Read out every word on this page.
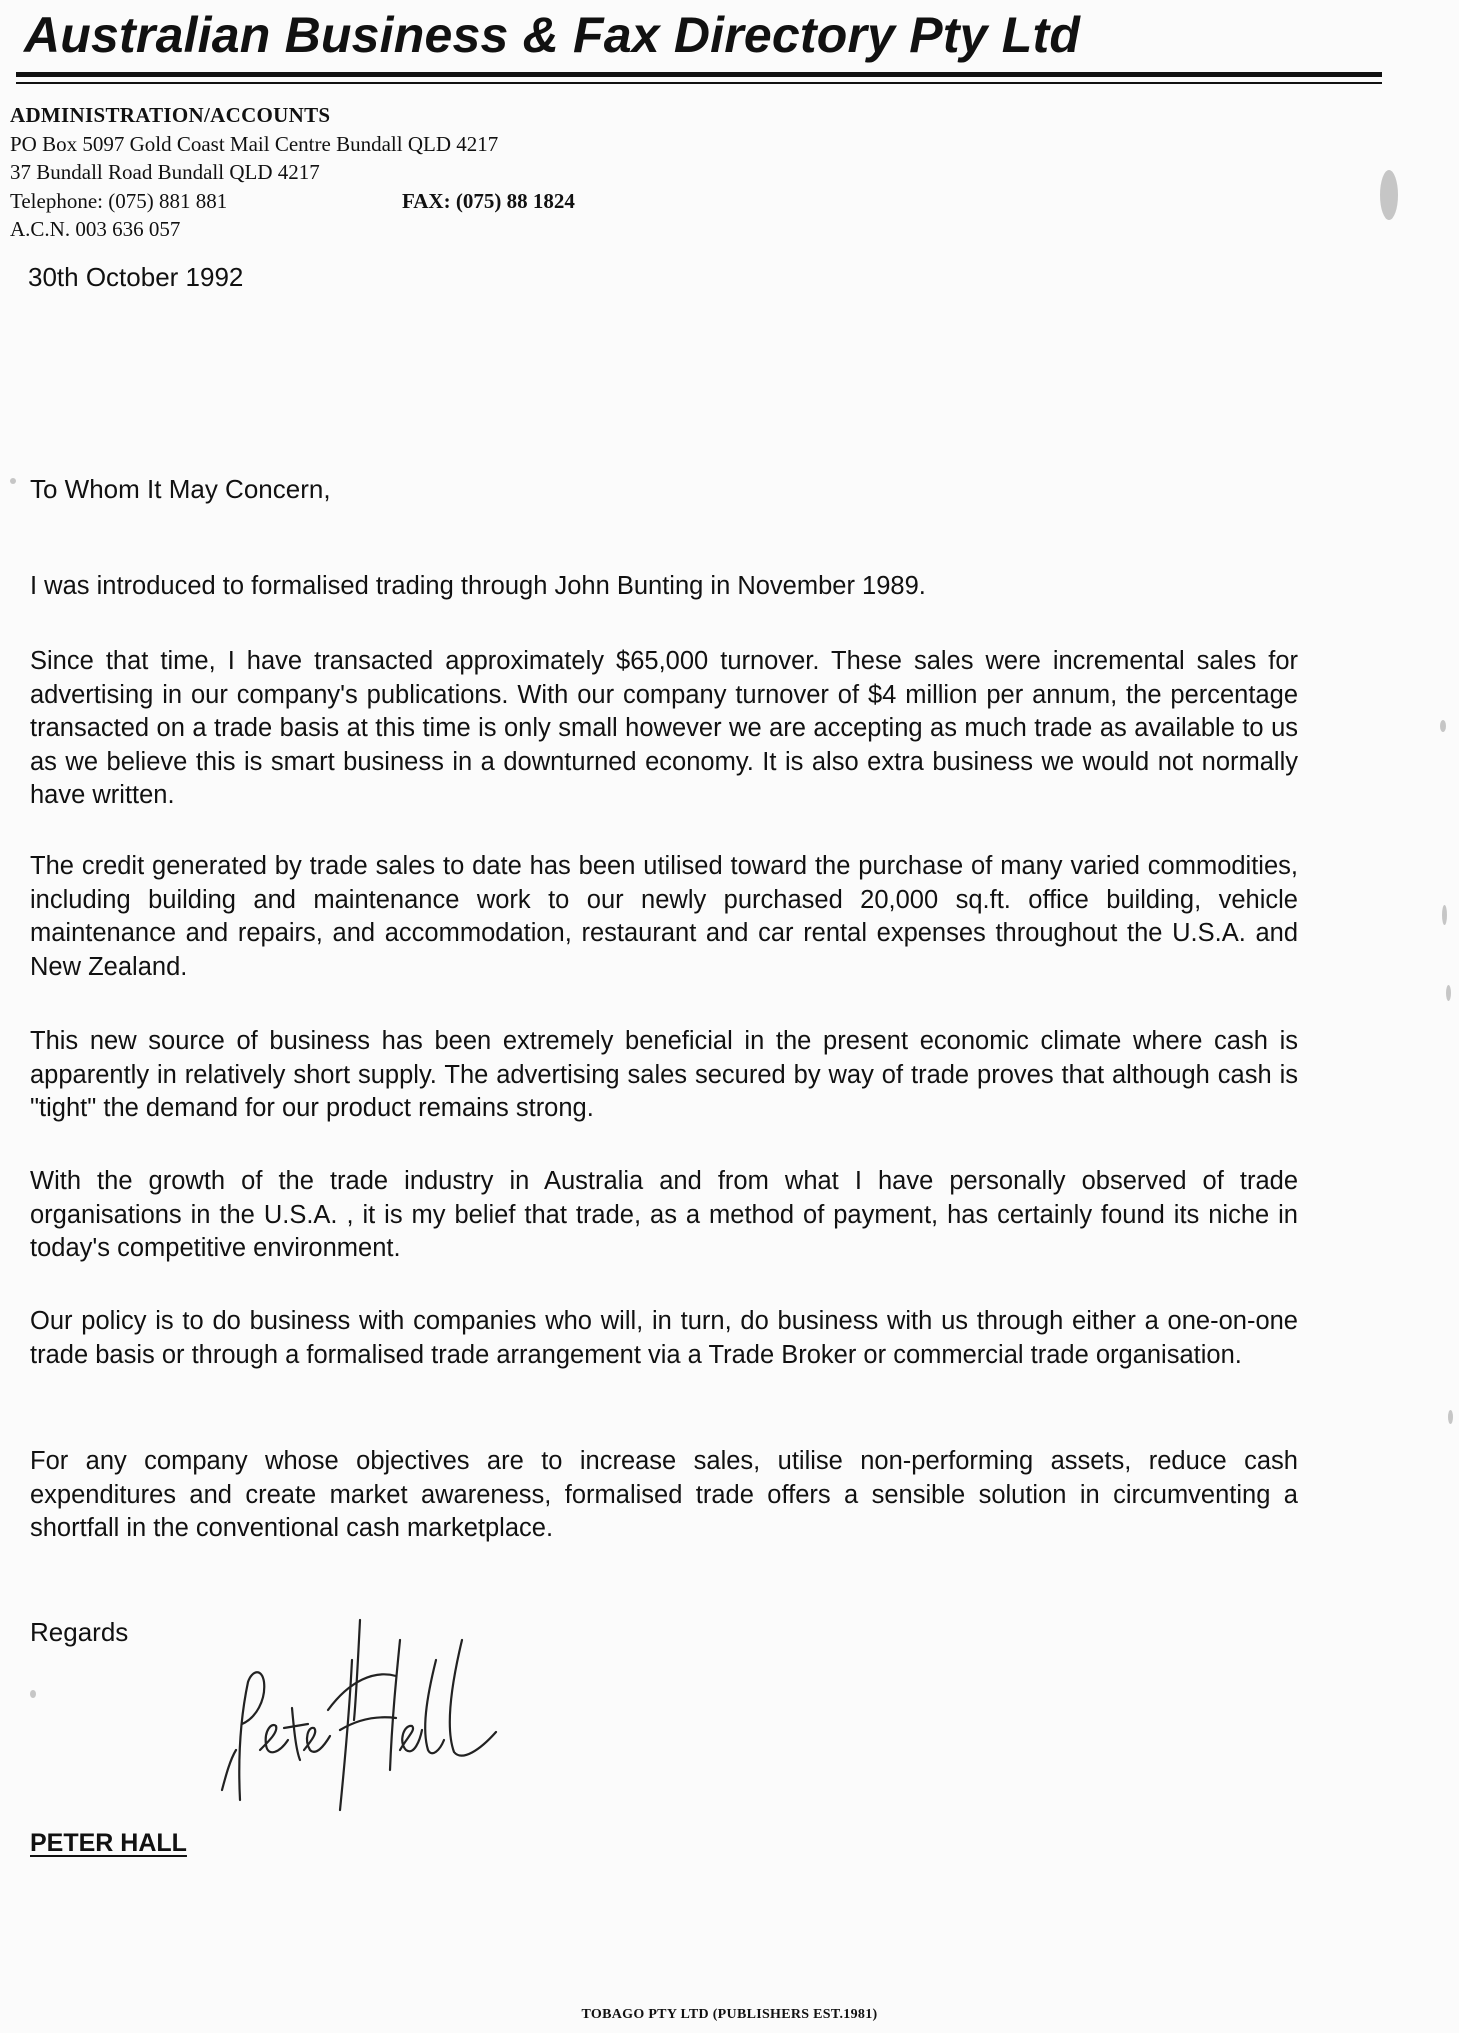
Australian Business & Fax Directory Pty Ltd
ADMINISTRATION/ACCOUNTS
PO Box 5097 Gold Coast Mail Centre Bundall QLD 4217
37 Bundall Road Bundall QLD 4217
Telephone: (075) 881 881	FAX: (075) 88 1824
A.C.N. 003 636 057
30th October 1992
To Whom It May Concern,

I was introduced to formalised trading through John Bunting in November 1989.

Since that time, I have transacted approximately $65,000 turnover. These sales were incremental sales for advertising in our company's publications. With our company turnover of $4 million per annum, the percentage transacted on a trade basis at this time is only small however we are accepting as much trade as available to us as we believe this is smart business in a downturned economy. It is also extra business we would not normally have written.

The credit generated by trade sales to date has been utilised toward the purchase of many varied commodities, including building and maintenance work to our newly purchased 20,000 sq.ft. office building, vehicle maintenance and repairs, and accommodation, restaurant and car rental expenses throughout the U.S.A. and New Zealand.

This new source of business has been extremely beneficial in the present economic climate where cash is apparently in relatively short supply. The advertising sales secured by way of trade proves that although cash is "tight" the demand for our product remains strong.

With the growth of the trade industry in Australia and from what I have personally observed of trade organisations in the U.S.A. , it is my belief that trade, as a method of payment, has certainly found its niche in today's competitive environment.

Our policy is to do business with companies who will, in turn, do business with us through either a one-on-one trade basis or through a formalised trade arrangement via a Trade Broker or commercial trade organisation.

For any company whose objectives are to increase sales, utilise non-performing assets, reduce cash expenditures and create market awareness, formalised trade offers a sensible solution in circumventing a shortfall in the conventional cash marketplace.

Regards
PETER HALL
TOBAGO PTY LTD (PUBLISHERS EST.1981)
